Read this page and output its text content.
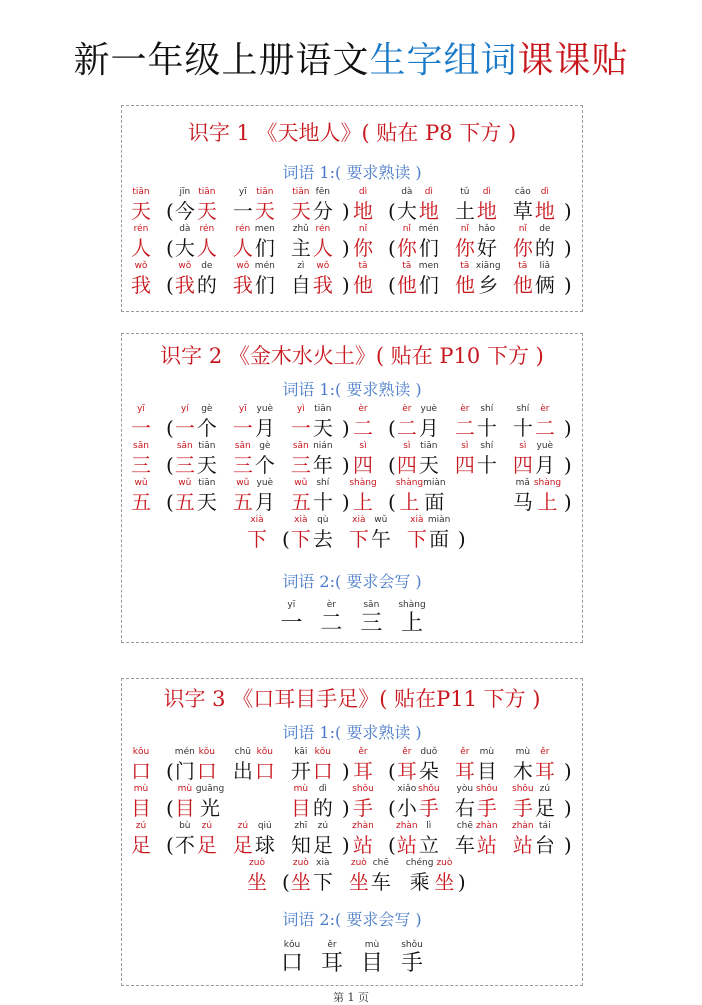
新一年级上册语文生字组词课课贴
识字 1 《天地人》( 贴在 P8 下方 )
词语 1:( 要求熟读 )
tiān
天 (
jīn
今
tiān
天
yī
一
tiān
天
tiān
天
fēn
分 )
dì
地 (
dà
大
dì
地
tǔ
土
dì
地
cǎo
草
dì
地 )
rén
人 (
dà
大
rén
人
rén
人
men
们
zhǔ
主
rén
人 )
nǐ
你 (
nǐ
你
mén
们
nǐ
你
hǎo
好
nǐ
你
de
的 )
wǒ
我 (
wǒ
我
de
的
wǒ
我
mén
们
zì
自
wǒ
我 )
tā
他 (
tā
他
men
们
tā
他
xiāng
乡
tā
他
liǎ
俩 )
识字 2 《金木水火土》( 贴在 P10 下方 )
词语 1:( 要求熟读 )
词语 2:( 要求会写 )
yī
一 (
yí
一
gè
个
yī
一
yuè
月
yì
一
tiān
天 )
èr
二 (
èr
二
yuè
月
èr
二
shí
十
shí
十
èr
二 )
sān
三 (
sān
三
tiān
天
sān
三
gè
个
sān
三
nián
年 )
sì
四 (
sì
四
tiān
天
sì
四
shí
十
sì
四
yuè
月 )
wǔ
五 (
wǔ
五
tiān
天
wǔ
五
yuè
月
wǔ
五
shí
十 )
shàng
上 (
shàng
上
miàn
面
mǎ
马
shàng
上 )
xià
下 (
xià
下
qù
去
xià
下
wǔ
午
xià
下
miàn
面 )
yī
一
èr
二
sān
三
shàng
上
识字 3 《口耳目手足》( 贴在P11 下方 )
词语 1:( 要求熟读 )
词语 2:( 要求会写 )
kǒu
口 (
mén
门
kǒu
口
chū
出
kǒu
口
kāi
开
kǒu
口 )
ěr
耳 (
ěr
耳
duǒ
朵
ěr
耳
mù
目
mù
木
ěr
耳 )
mù
目 (
mù
目
guāng
光
mù
目
dì
的 )
shǒu
手 (
xiǎo
小
shǒu
手
yòu
右
shǒu
手
shǒu
手
zú
足 )
zú
足 (
bù
不
zú
足
zú
足
qiú
球
zhī
知
zú
足 )
zhàn
站 (
zhàn
站
lì
立
chē
车
zhàn
站
zhàn
站
tái
台 )
zuò
坐 (
zuò
坐
xià
下
zuò
坐
chē
车
chéng
乘
zuò
坐 )
kǒu
口
ěr
耳
mù
目
shǒu
手
第 1 页
